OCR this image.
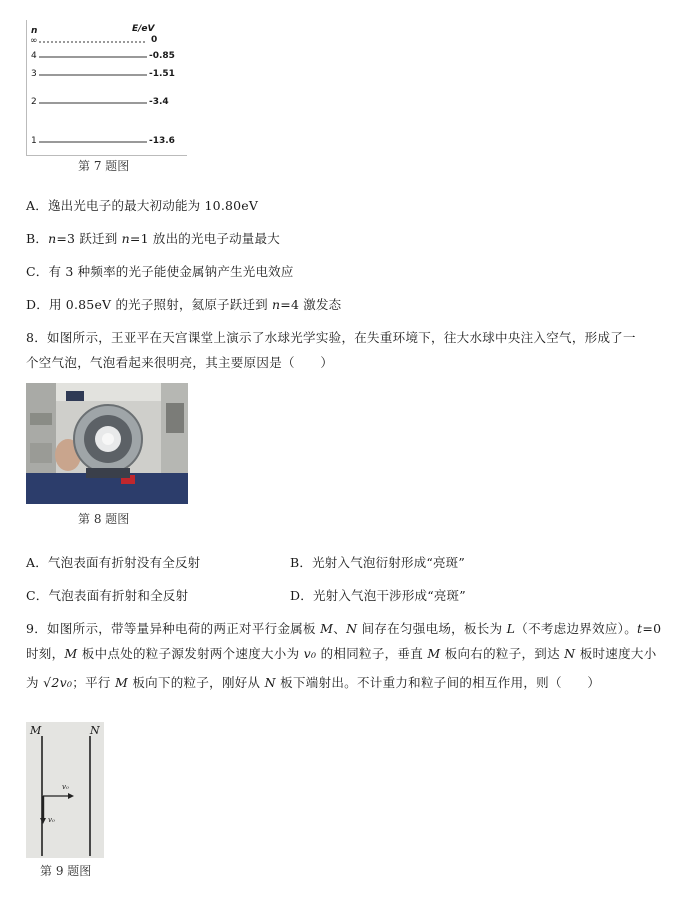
n	E/eV
∞	0
4	-0.85
3	-1.51
2	-3.4
1	-13.6
第 7 题图
A．逸出光电子的最大初动能为 10.80eV
B．n=3 跃迁到 n=1 放出的光电子动量最大
C．有 3 种频率的光子能使金属钠产生光电效应
D．用 0.85eV 的光子照射，氦原子跃迁到 n=4 激发态
8．如图所示，王亚平在天宫课堂上演示了水球光学实验，在失重环境下，往大水球中央注入空气，形成了一
个空气泡，气泡看起来很明亮，其主要原因是（　　）
第 8 题图
A．气泡表面有折射没有全反射	B．光射入气泡衍射形成“亮斑”
C．气泡表面有折射和全反射	D．光射入气泡干涉形成“亮斑”
9．如图所示，带等量异种电荷的两正对平行金属板 M、N 间存在匀强电场，板长为 L（不考虑边界效应）。t=0
时刻，M 板中点处的粒子源发射两个速度大小为 v₀ 的相同粒子，垂直 M 板向右的粒子，到达 N 板时速度大小
为 √2v₀；平行 M 板向下的粒子，刚好从 N 板下端射出。不计重力和粒子间的相互作用，则（　　）
M	N
v₀
v₀
第 9 题图
